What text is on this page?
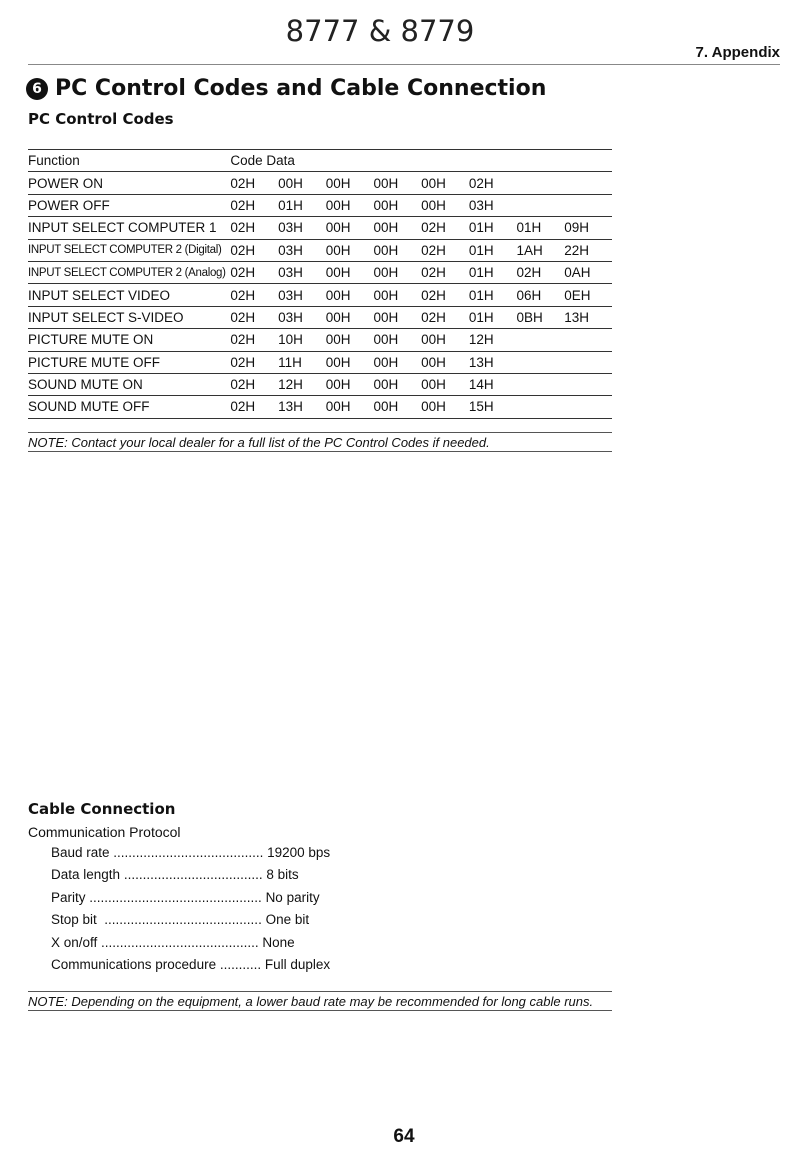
8777 & 8779
7. Appendix
6 PC Control Codes and Cable Connection
PC Control Codes
Function	Code Data							
POWER ON	02H	00H	00H	00H	00H	02H		
POWER OFF	02H	01H	00H	00H	00H	03H		
INPUT SELECT COMPUTER 1	02H	03H	00H	00H	02H	01H	01H	09H
INPUT SELECT COMPUTER 2 (Digital)	02H	03H	00H	00H	02H	01H	1AH	22H
INPUT SELECT COMPUTER 2 (Analog)	02H	03H	00H	00H	02H	01H	02H	0AH
INPUT SELECT VIDEO	02H	03H	00H	00H	02H	01H	06H	0EH
INPUT SELECT S-VIDEO	02H	03H	00H	00H	02H	01H	0BH	13H
PICTURE MUTE ON	02H	10H	00H	00H	00H	12H		
PICTURE MUTE OFF	02H	11H	00H	00H	00H	13H		
SOUND MUTE ON	02H	12H	00H	00H	00H	14H		
SOUND MUTE OFF	02H	13H	00H	00H	00H	15H		
NOTE: Contact your local dealer for a full list of the PC Control Codes if needed.
Cable Connection
Communication Protocol
Baud rate ........................................ 19200 bps
Data length ..................................... 8 bits
Parity .............................................. No parity
Stop bit  .......................................... One bit
X on/off .......................................... None
Communications procedure ........... Full duplex
NOTE: Depending on the equipment, a lower baud rate may be recommended for long cable runs.
64
